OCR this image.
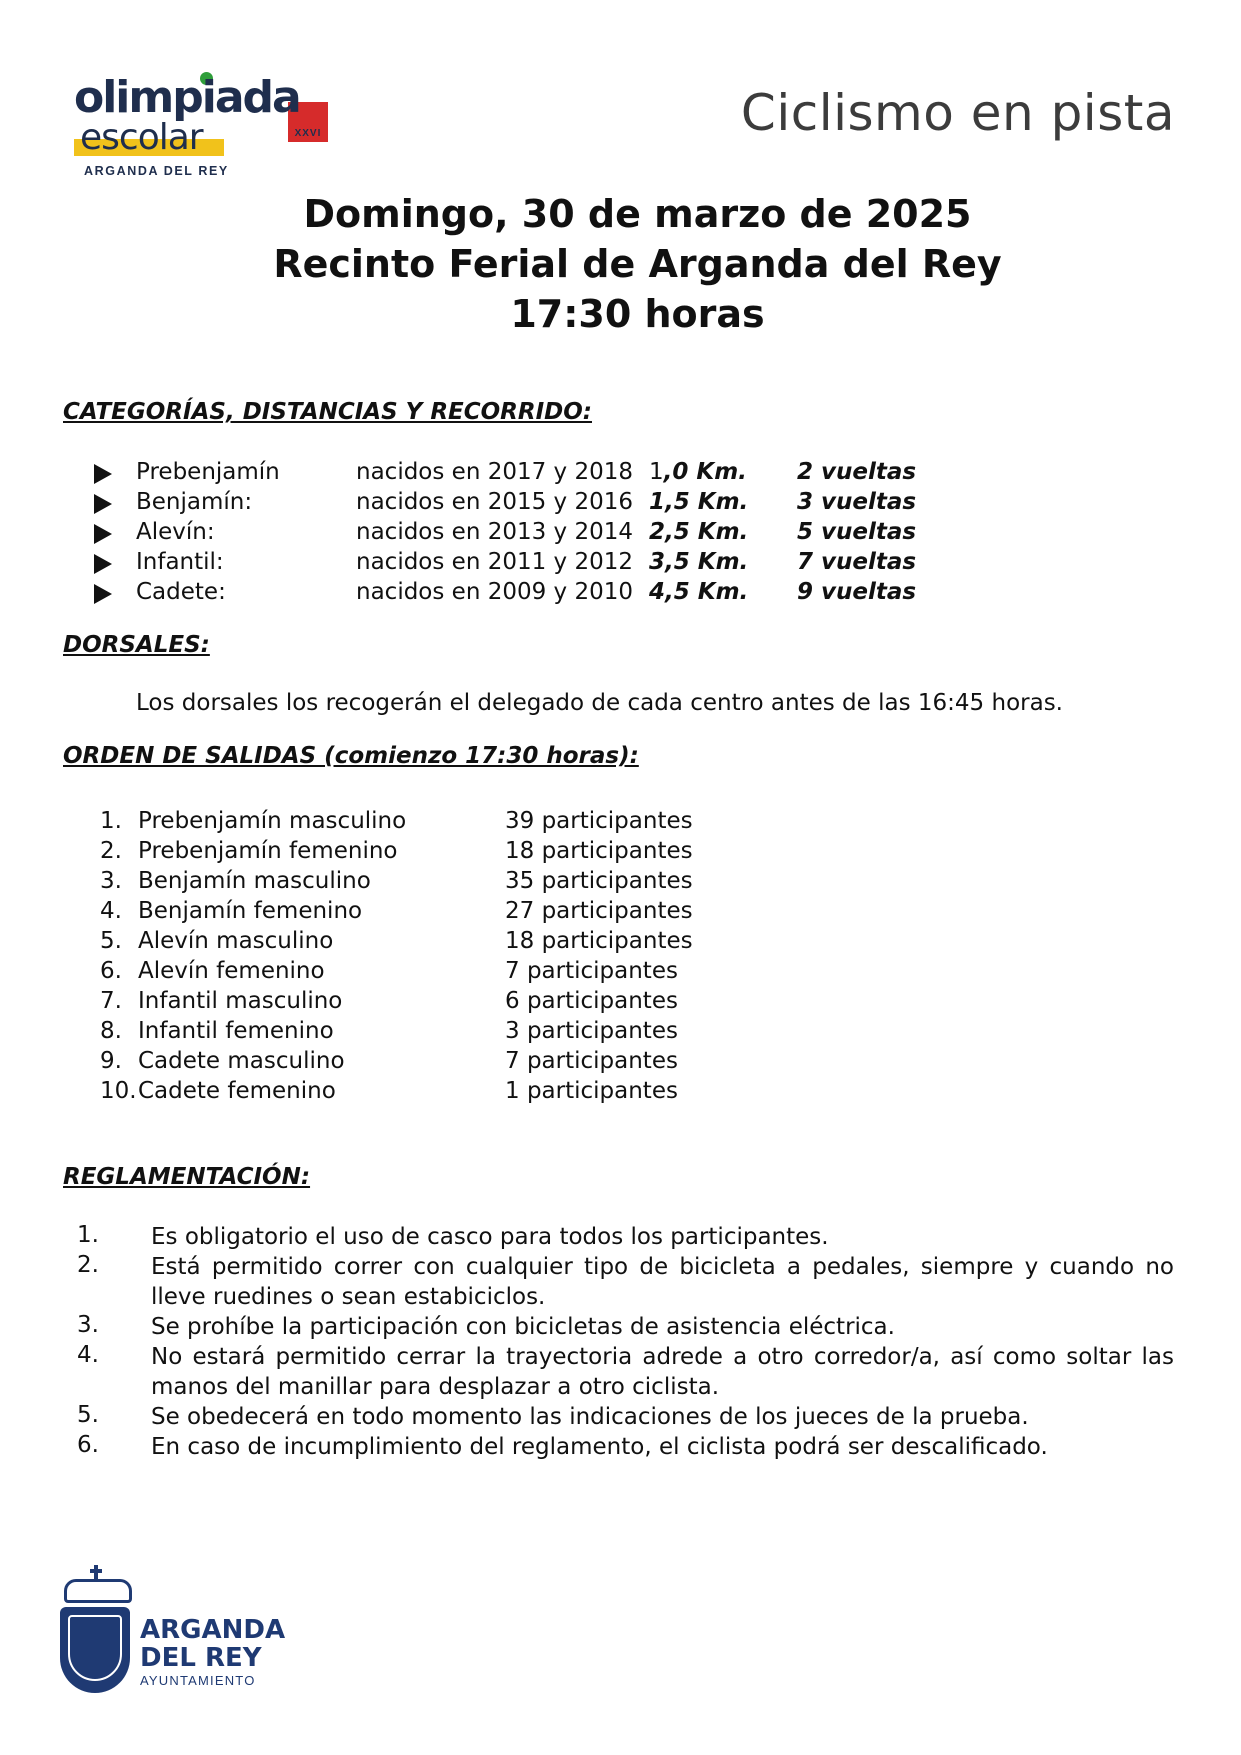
olimpiada
escolar	XXVI
ARGANDA DEL REY
Ciclismo en pista
Domingo, 30 de marzo de 2025
Recinto Ferial de Arganda del Rey
17:30 horas
CATEGORÍAS, DISTANCIAS Y RECORRIDO:
Prebenjamín	nacidos en 2017 y 2018 1,0 Km. 2 vueltas
Benjamín:	nacidos en 2015 y 2016 1,5 Km. 3 vueltas
Alevín:	nacidos en 2013 y 2014 2,5 Km. 5 vueltas
Infantil:	nacidos en 2011 y 2012 3,5 Km. 7 vueltas
Cadete:	nacidos en 2009 y 2010 4,5 Km. 9 vueltas
DORSALES:
Los dorsales los recogerán el delegado de cada centro antes de las 16:45 horas.
ORDEN DE SALIDAS (comienzo 17:30 horas):
1. Prebenjamín masculino	39 participantes
2. Prebenjamín femenino	18 participantes
3. Benjamín masculino	35 participantes
4. Benjamín femenino	27 participantes
5. Alevín masculino	18 participantes
6. Alevín femenino	7 participantes
7. Infantil masculino	6 participantes
8. Infantil femenino	3 participantes
9. Cadete masculino	7 participantes
10. Cadete femenino	1 participantes
REGLAMENTACIÓN:
1. Es obligatorio el uso de casco para todos los participantes.
2. Está permitido correr con cualquier tipo de bicicleta a pedales, siempre y cuando no lleve ruedines o sean estabiciclos.
3. Se prohíbe la participación con bicicletas de asistencia eléctrica.
4. No estará permitido cerrar la trayectoria adrede a otro corredor/a, así como soltar las manos del manillar para desplazar a otro ciclista.
5. Se obedecerá en todo momento las indicaciones de los jueces de la prueba.
6. En caso de incumplimiento del reglamento, el ciclista podrá ser descalificado.
ARGANDA
DEL REY
AYUNTAMIENTO
